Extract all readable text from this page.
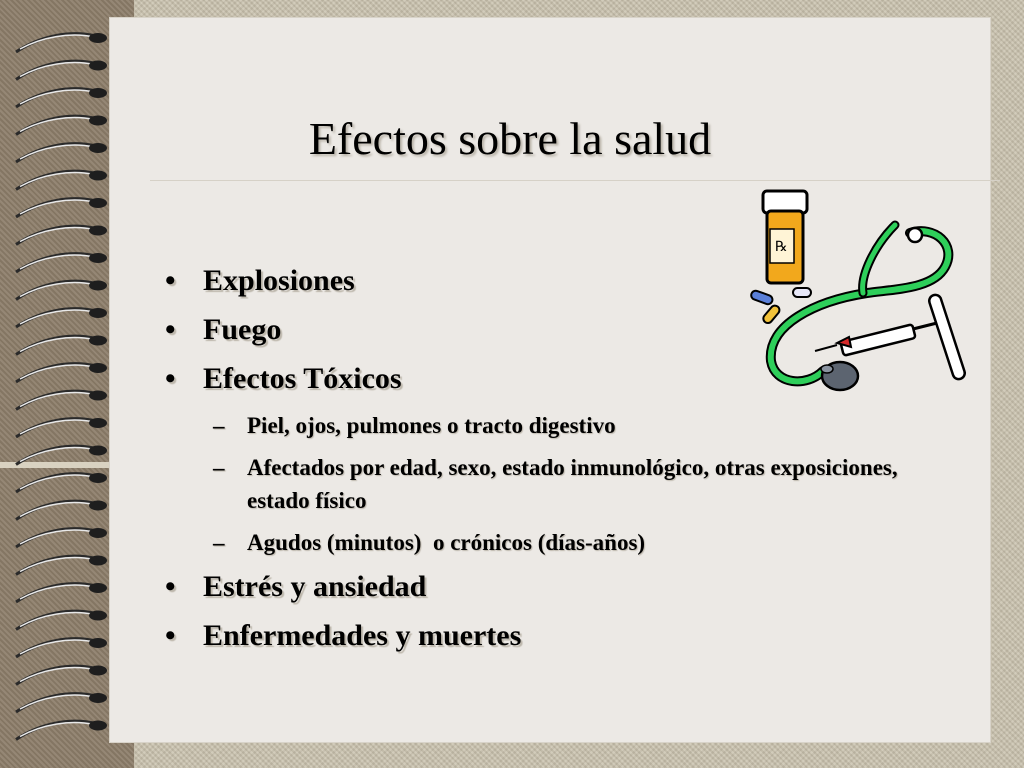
Efectos sobre la salud
• Explosiones
• Fuego
• Efectos Tóxicos
– Piel, ojos, pulmones o tracto digestivo
– Afectados por edad, sexo, estado inmunológico, otras exposiciones, estado físico
– Agudos (minutos)  o crónicos (días-años)
• Estrés y ansiedad
• Enfermedades y muertes
℞
